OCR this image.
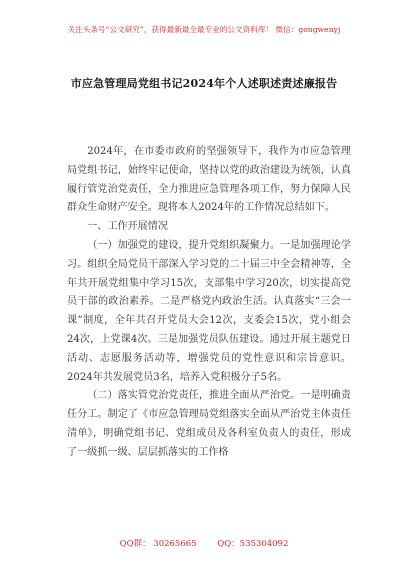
关注头条号“公文研究”，获得最新最全最专业的公文资料库！ 微信：gongwenyj
市应急管理局党组书记2024年个人述职述责述廉报告

2024年，在市委市政府的坚强领导下，我作为市应急管理局党组书记，始终牢记使命，坚持以党的政治建设为统领，认真履行管党治党责任，全力推进应急管理各项工作，努力保障人民群众生命财产安全。现将本人2024年的工作情况总结如下。

一、工作开展情况

（一）加强党的建设，提升党组织凝聚力。一是加强理论学习。组织全局党员干部深入学习党的二十届三中全会精神等，全年共开展党组集中学习15次，支部集中学习20次，切实提高党员干部的政治素养。二是严格党内政治生活。认真落实“三会一课”制度，全年共召开党员大会12次，支委会15次，党小组会24次，上党课4次。三是加强党员队伍建设。通过开展主题党日活动、志愿服务活动等，增强党员的党性意识和宗旨意识。2024年共发展党员3名，培养入党积极分子5名。

（二）落实管党治党责任，推进全面从严治党。一是明确责任分工。制定了《市应急管理局党组落实全面从严治党主体责任清单》，明确党组书记、党组成员及各科室负责人的责任，形成了一级抓一级、层层抓落实的工作格

QQ群： 30265665 QQ：535304092
